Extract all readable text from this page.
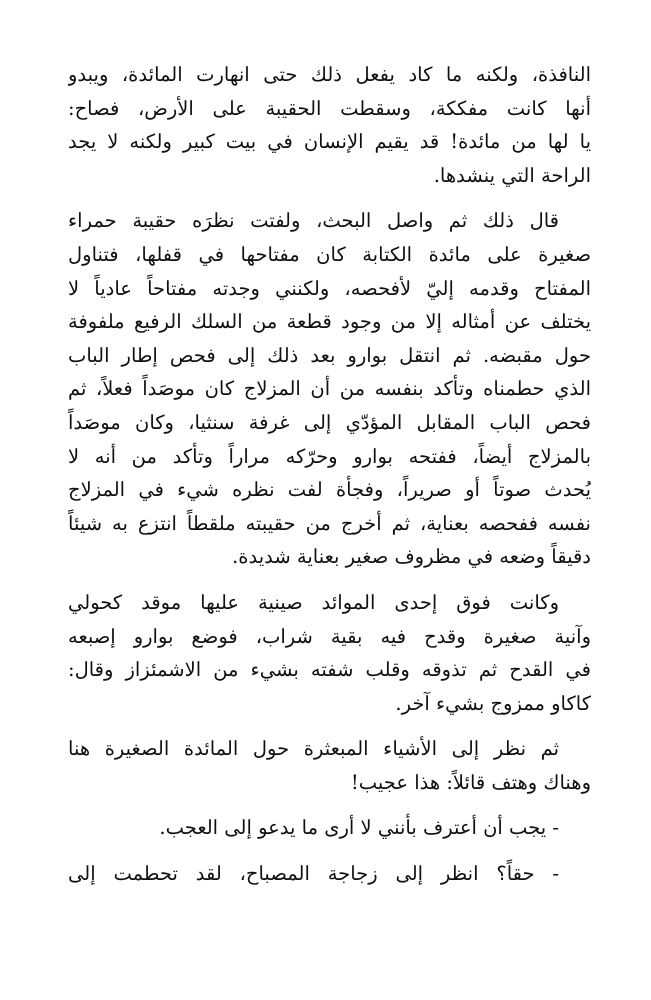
النافذة، ولكنه ما كاد يفعل ذلك حتى انهارت المائدة، ويبدو
أنها كانت مفككة، وسقطت الحقيبة على الأرض، فصاح:
يا لها من مائدة! قد يقيم الإنسان في بيت كبير ولكنه لا يجد
الراحة التي ينشدها.
قال ذلك ثم واصل البحث، ولفتت نظرَه حقيبة حمراء
صغيرة على مائدة الكتابة كان مفتاحها في قفلها، فتناول
المفتاح وقدمه إليّ لأفحصه، ولكنني وجدته مفتاحاً عادياً لا
يختلف عن أمثاله إلا من وجود قطعة من السلك الرفيع ملفوفة
حول مقبضه. ثم انتقل بوارو بعد ذلك إلى فحص إطار الباب
الذي حطمناه وتأكد بنفسه من أن المزلاج كان موصَداً فعلاً، ثم
فحص الباب المقابل المؤدّي إلى غرفة سنثيا، وكان موصَداً
بالمزلاج أيضاً، ففتحه بوارو وحرّكه مراراً وتأكد من أنه لا
يُحدث صوتاً أو صريراً، وفجأة لفت نظره شيء في المزلاج
نفسه ففحصه بعناية، ثم أخرج من حقيبته ملقطاً انتزع به شيئاً
دقيقاً وضعه في مظروف صغير بعناية شديدة.
وكانت فوق إحدى الموائد صينية عليها موقد كحولي
وآنية صغيرة وقدح فيه بقية شراب، فوضع بوارو إصبعه
في القدح ثم تذوقه وقلب شفته بشيء من الاشمئزاز وقال:
كاكاو ممزوج بشيء آخر.
ثم نظر إلى الأشياء المبعثرة حول المائدة الصغيرة هنا
وهناك وهتف قائلاً: هذا عجيب!
- يجب أن أعترف بأنني لا أرى ما يدعو إلى العجب.
- حقاً؟ انظر إلى زجاجة المصباح، لقد تحطمت إلى
